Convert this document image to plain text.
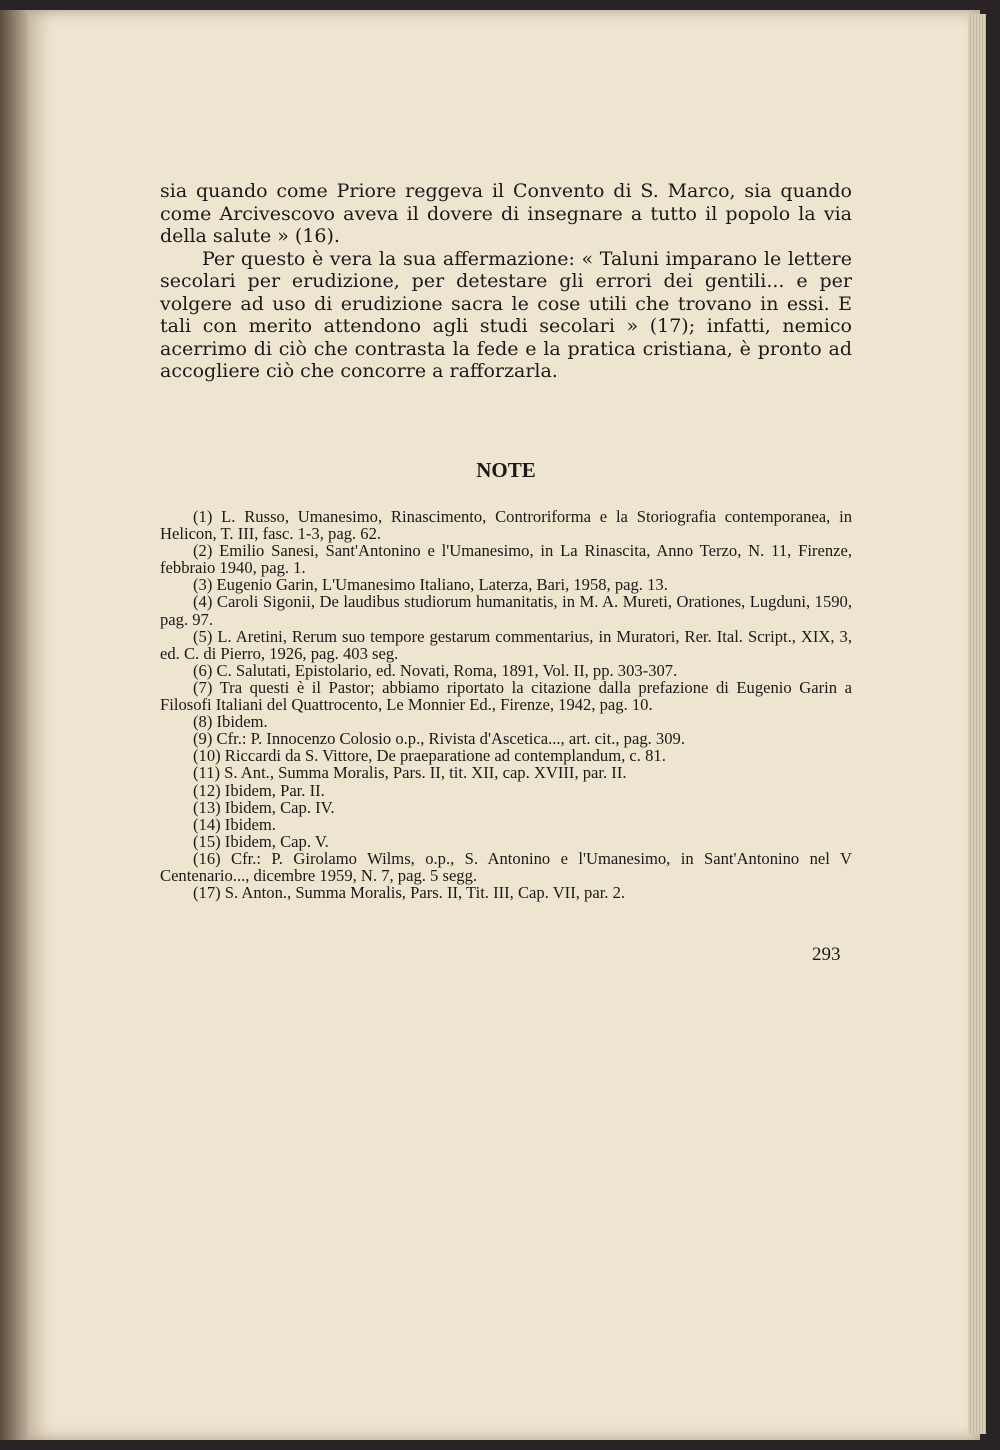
sia quando come Priore reggeva il Convento di S. Marco, sia quando come Arcivescovo aveva il dovere di insegnare a tutto il popolo la via della salute » (16).

Per questo è vera la sua affermazione: « Taluni imparano le lettere secolari per erudizione, per detestare gli errori dei gentili... e per volgere ad uso di erudizione sacra le cose utili che trovano in essi. E tali con merito attendono agli studi secolari » (17); infatti, nemico acerrimo di ciò che contrasta la fede e la pratica cristiana, è pronto ad accogliere ciò che concorre a rafforzarla.

NOTE

(1) L. Russo, Umanesimo, Rinascimento, Controriforma e la Storiografia contemporanea, in Helicon, T. III, fasc. 1-3, pag. 62.

(2) Emilio Sanesi, Sant'Antonino e l'Umanesimo, in La Rinascita, Anno Terzo, N. 11, Firenze, febbraio 1940, pag. 1.

(3) Eugenio Garin, L'Umanesimo Italiano, Laterza, Bari, 1958, pag. 13.

(4) Caroli Sigonii, De laudibus studiorum humanitatis, in M. A. Mureti, Orationes, Lugduni, 1590, pag. 97.

(5) L. Aretini, Rerum suo tempore gestarum commentarius, in Muratori, Rer. Ital. Script., XIX, 3, ed. C. di Pierro, 1926, pag. 403 seg.

(6) C. Salutati, Epistolario, ed. Novati, Roma, 1891, Vol. II, pp. 303-307.

(7) Tra questi è il Pastor; abbiamo riportato la citazione dalla prefazione di Eugenio Garin a Filosofi Italiani del Quattrocento, Le Monnier Ed., Firenze, 1942, pag. 10.

(8) Ibidem.

(9) Cfr.: P. Innocenzo Colosio o.p., Rivista d'Ascetica..., art. cit., pag. 309.

(10) Riccardi da S. Vittore, De praeparatione ad contemplandum, c. 81.

(11) S. Ant., Summa Moralis, Pars. II, tit. XII, cap. XVIII, par. II.

(12) Ibidem, Par. II.

(13) Ibidem, Cap. IV.

(14) Ibidem.

(15) Ibidem, Cap. V.

(16) Cfr.: P. Girolamo Wilms, o.p., S. Antonino e l'Umanesimo, in Sant'Antonino nel V Centenario..., dicembre 1959, N. 7, pag. 5 segg.

(17) S. Anton., Summa Moralis, Pars. II, Tit. III, Cap. VII, par. 2.

293
